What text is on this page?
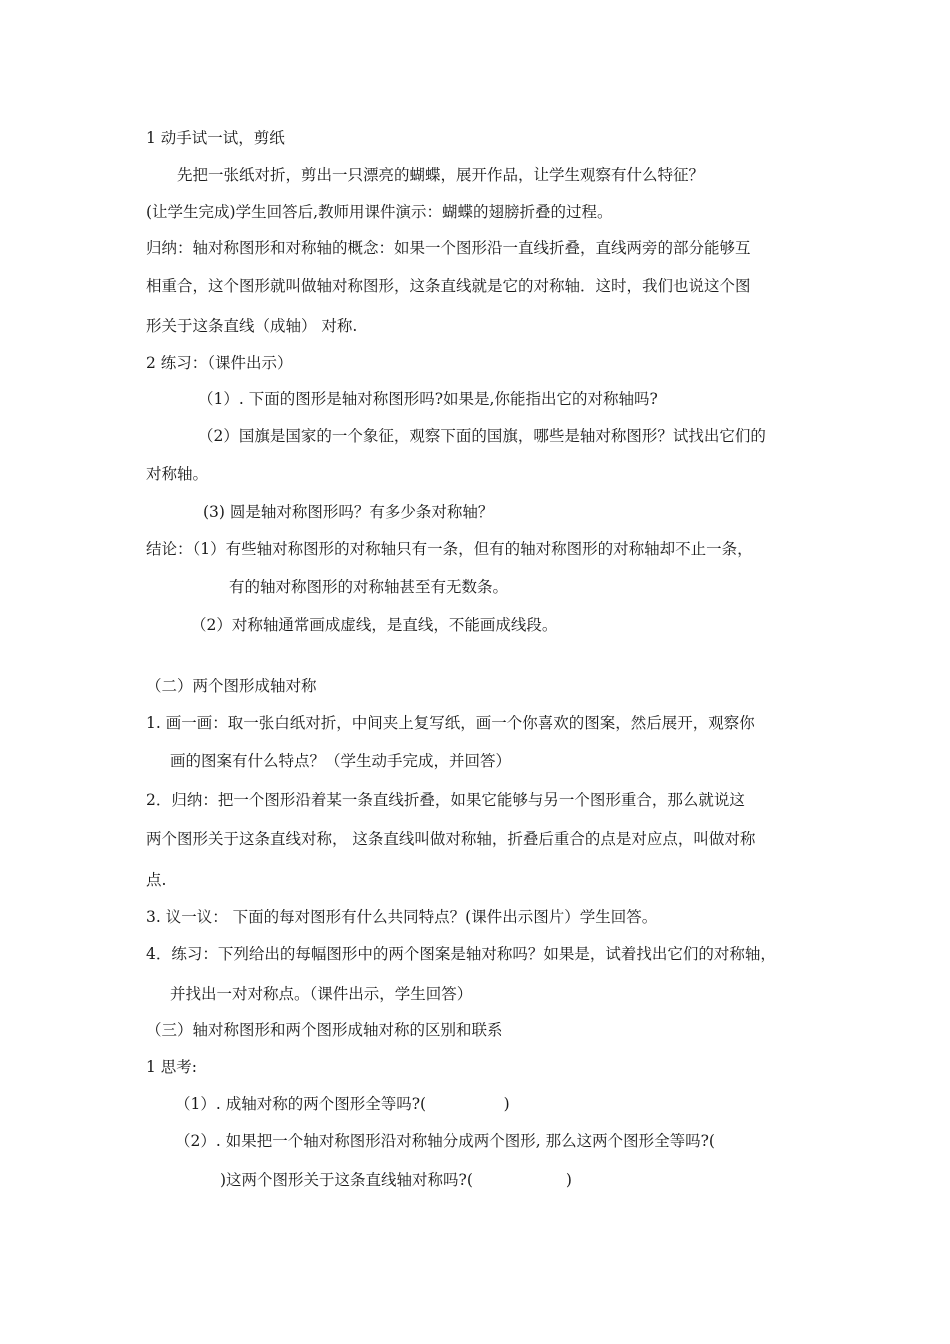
1 动手试一试，剪纸
先把一张纸对折，剪出一只漂亮的蝴蝶，展开作品，让学生观察有什么特征？
(让学生完成)学生回答后,教师用课件演示：蝴蝶的翅膀折叠的过程。
归纳：轴对称图形和对称轴的概念：如果一个图形沿一直线折叠，直线两旁的部分能够互
相重合，这个图形就叫做轴对称图形，这条直线就是它的对称轴．这时，我们也说这个图
形关于这条直线（成轴） 对称.
2 练习：（课件出示）
（1）. 下面的图形是轴对称图形吗?如果是,你能指出它的对称轴吗?
（2）国旗是国家的一个象征，观察下面的国旗，哪些是轴对称图形？试找出它们的
对称轴。
(3) 圆是轴对称图形吗？有多少条对称轴？
结论：（1）有些轴对称图形的对称轴只有一条，但有的轴对称图形的对称轴却不止一条，
有的轴对称图形的对称轴甚至有无数条。
（2）对称轴通常画成虚线，是直线，不能画成线段。
（二）两个图形成轴对称
1. 画一画：取一张白纸对折，中间夹上复写纸，画一个你喜欢的图案，然后展开，观察你
画的图案有什么特点？（学生动手完成，并回答）
2．归纳：把一个图形沿着某一条直线折叠，如果它能够与另一个图形重合，那么就说这
两个图形关于这条直线对称， 这条直线叫做对称轴，折叠后重合的点是对应点，叫做对称
点.
3. 议一议： 下面的每对图形有什么共同特点？(课件出示图片）学生回答。
4．练习：下列给出的每幅图形中的两个图案是轴对称吗？如果是，试着找出它们的对称轴，
并找出一对对称点。（课件出示，学生回答）
（三）轴对称图形和两个图形成轴对称的区别和联系
1 思考:
（1）. 成轴对称的两个图形全等吗?(　　　　　)
（2）. 如果把一个轴对称图形沿对称轴分成两个图形, 那么这两个图形全等吗?(
)这两个图形关于这条直线轴对称吗?(　　　　　　)
